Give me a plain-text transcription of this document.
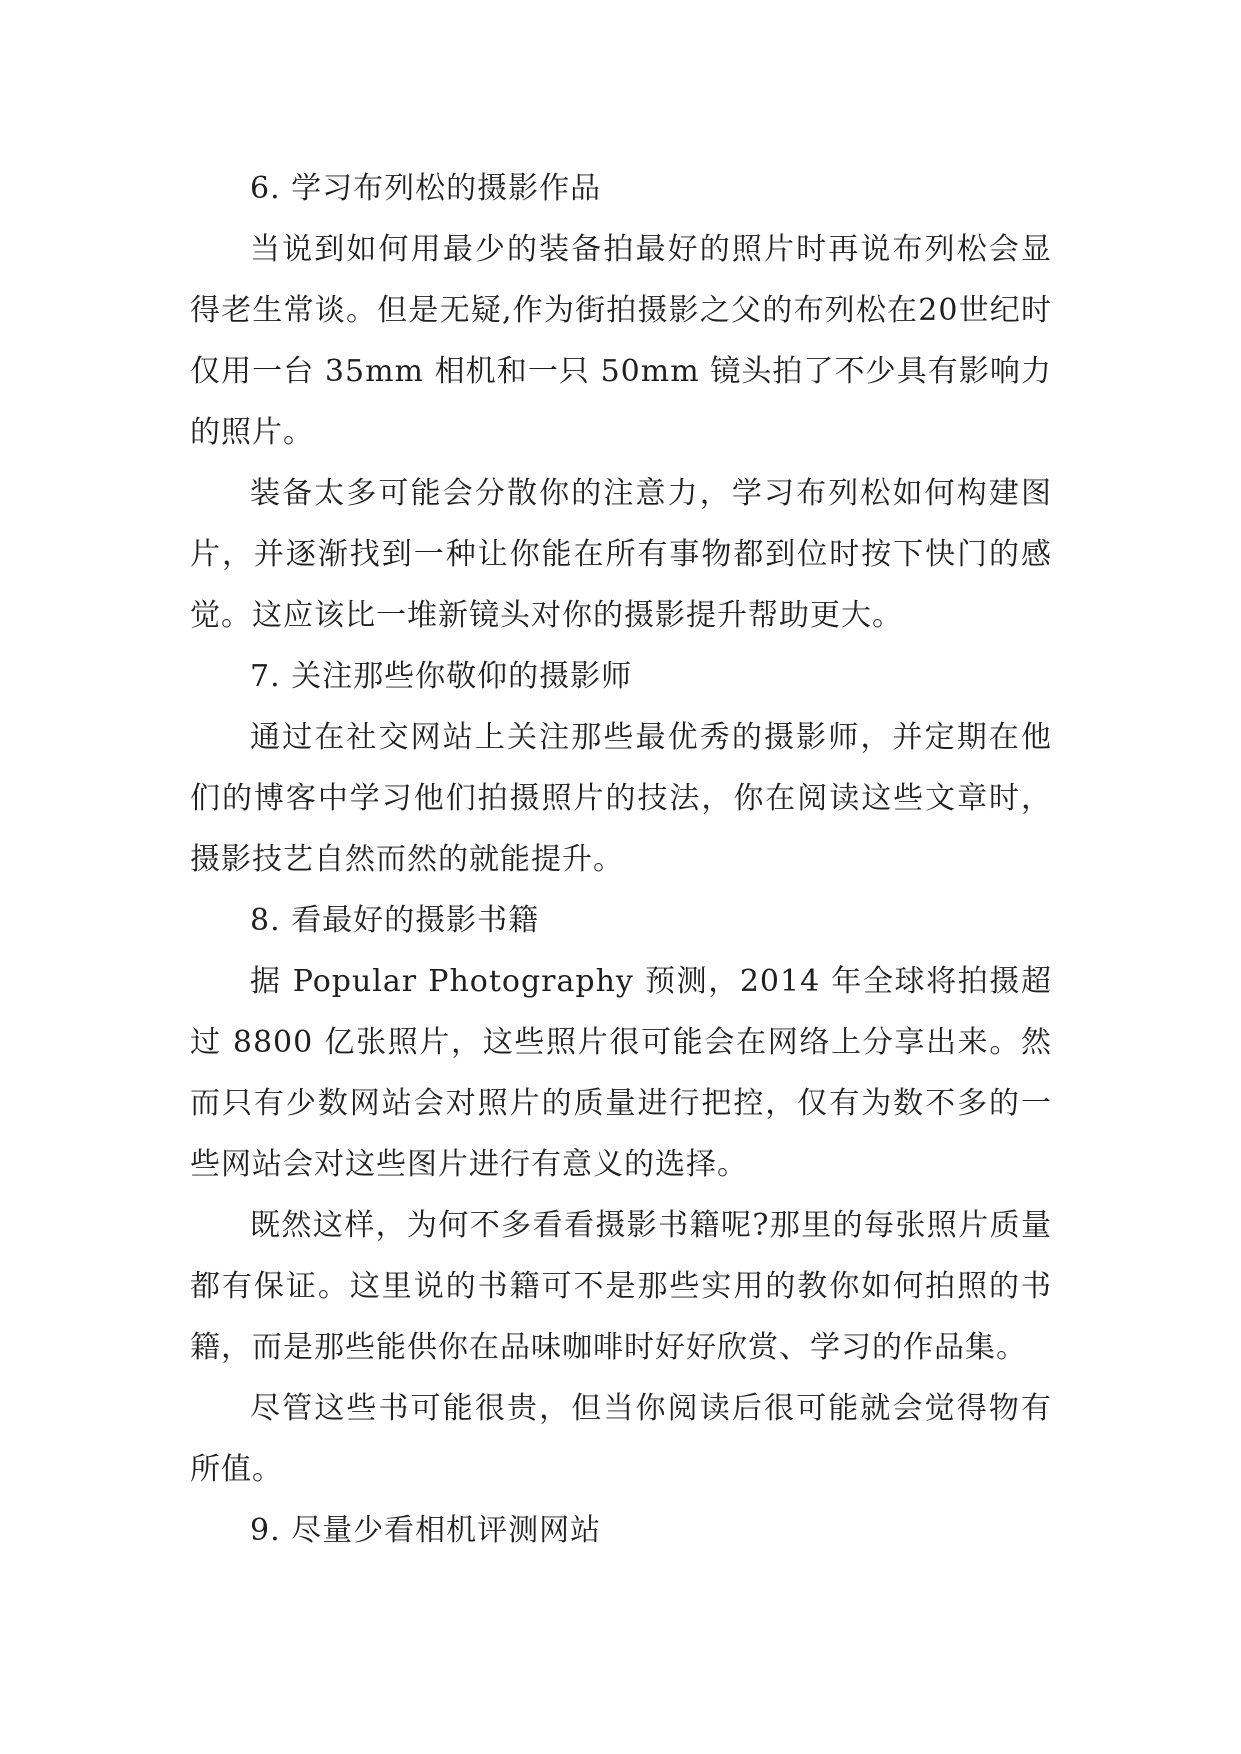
6. 学习布列松的摄影作品

当说到如何用最少的装备拍最好的照片时再说布列松会显得老生常谈。但是无疑,作为街拍摄影之父的布列松在20世纪时仅用一台 35mm 相机和一只 50mm 镜头拍了不少具有影响力的照片。

装备太多可能会分散你的注意力，学习布列松如何构建图片，并逐渐找到一种让你能在所有事物都到位时按下快门的感觉。这应该比一堆新镜头对你的摄影提升帮助更大。

7. 关注那些你敬仰的摄影师

通过在社交网站上关注那些最优秀的摄影师，并定期在他们的博客中学习他们拍摄照片的技法，你在阅读这些文章时，摄影技艺自然而然的就能提升。

8. 看最好的摄影书籍

据 Popular Photography 预测，2014 年全球将拍摄超过 8800 亿张照片，这些照片很可能会在网络上分享出来。然而只有少数网站会对照片的质量进行把控，仅有为数不多的一些网站会对这些图片进行有意义的选择。

既然这样，为何不多看看摄影书籍呢?那里的每张照片质量都有保证。这里说的书籍可不是那些实用的教你如何拍照的书籍，而是那些能供你在品味咖啡时好好欣赏、学习的作品集。

尽管这些书可能很贵，但当你阅读后很可能就会觉得物有所值。

9. 尽量少看相机评测网站
